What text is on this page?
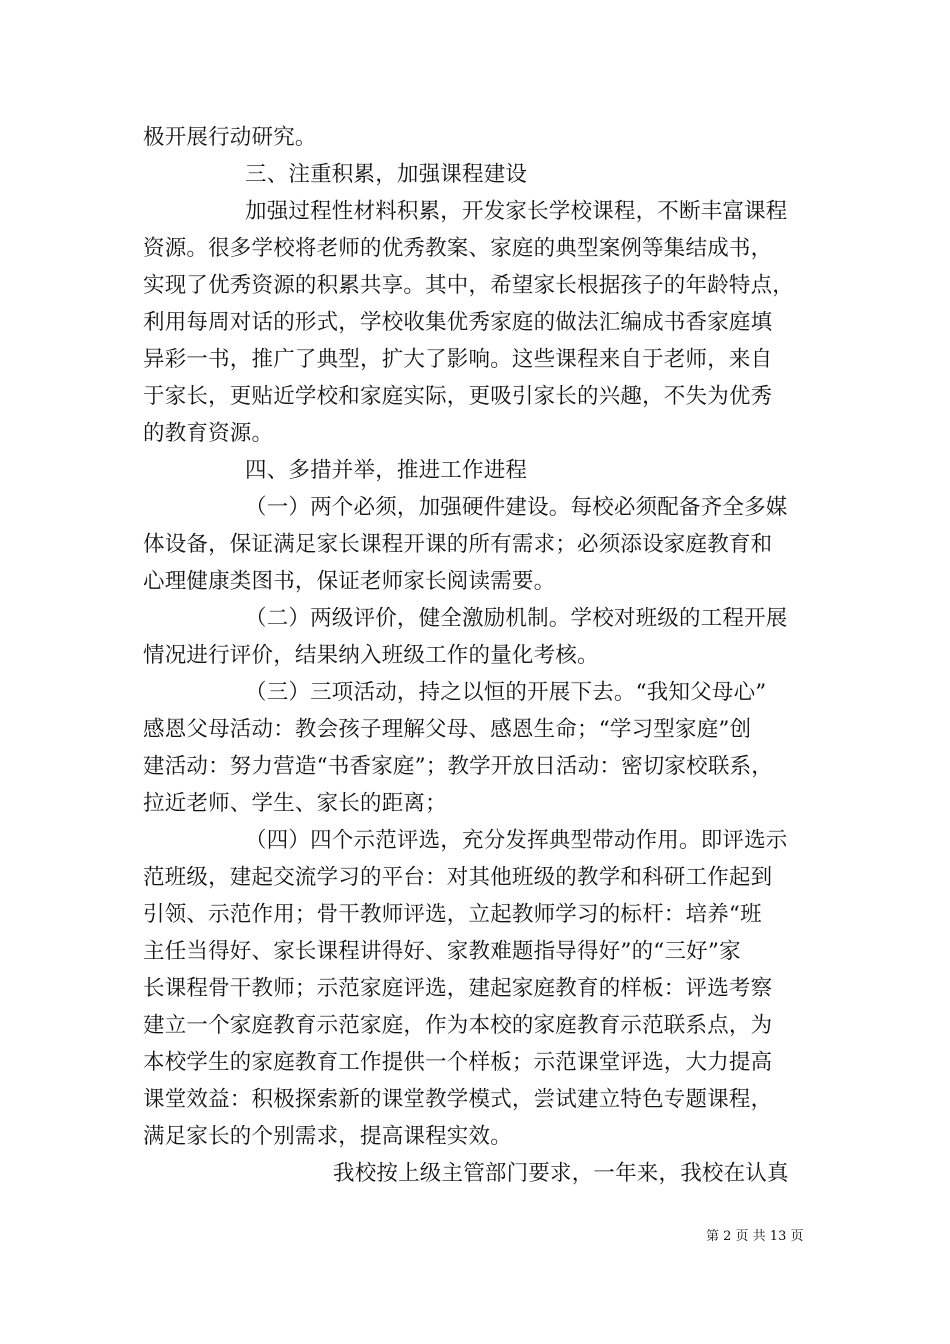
极开展行动研究。
三、注重积累，加强课程建设
加强过程性材料积累，开发家长学校课程，不断丰富课程
资源。很多学校将老师的优秀教案、家庭的典型案例等集结成书，
实现了优秀资源的积累共享。其中，希望家长根据孩子的年龄特点，
利用每周对话的形式，学校收集优秀家庭的做法汇编成书香家庭填
异彩一书，推广了典型，扩大了影响。这些课程来自于老师，来自
于家长，更贴近学校和家庭实际，更吸引家长的兴趣，不失为优秀
的教育资源。
四、多措并举，推进工作进程
（一）两个必须，加强硬件建设。每校必须配备齐全多媒
体设备，保证满足家长课程开课的所有需求；必须添设家庭教育和
心理健康类图书，保证老师家长阅读需要。
（二）两级评价，健全激励机制。学校对班级的工程开展
情况进行评价，结果纳入班级工作的量化考核。
（三）三项活动，持之以恒的开展下去。“我知父母心”
感恩父母活动：教会孩子理解父母、感恩生命；“学习型家庭”创
建活动：努力营造“书香家庭”；教学开放日活动：密切家校联系，
拉近老师、学生、家长的距离；
（四）四个示范评选，充分发挥典型带动作用。即评选示
范班级，建起交流学习的平台：对其他班级的教学和科研工作起到
引领、示范作用；骨干教师评选，立起教师学习的标杆：培养“班
主任当得好、家长课程讲得好、家教难题指导得好”的“三好”家
长课程骨干教师；示范家庭评选，建起家庭教育的样板：评选考察
建立一个家庭教育示范家庭，作为本校的家庭教育示范联系点，为
本校学生的家庭教育工作提供一个样板；示范课堂评选，大力提高
课堂效益：积极探索新的课堂教学模式，尝试建立特色专题课程，
满足家长的个别需求，提高课程实效。
我校按上级主管部门要求，一年来，我校在认真
第 2 页 共 13 页
